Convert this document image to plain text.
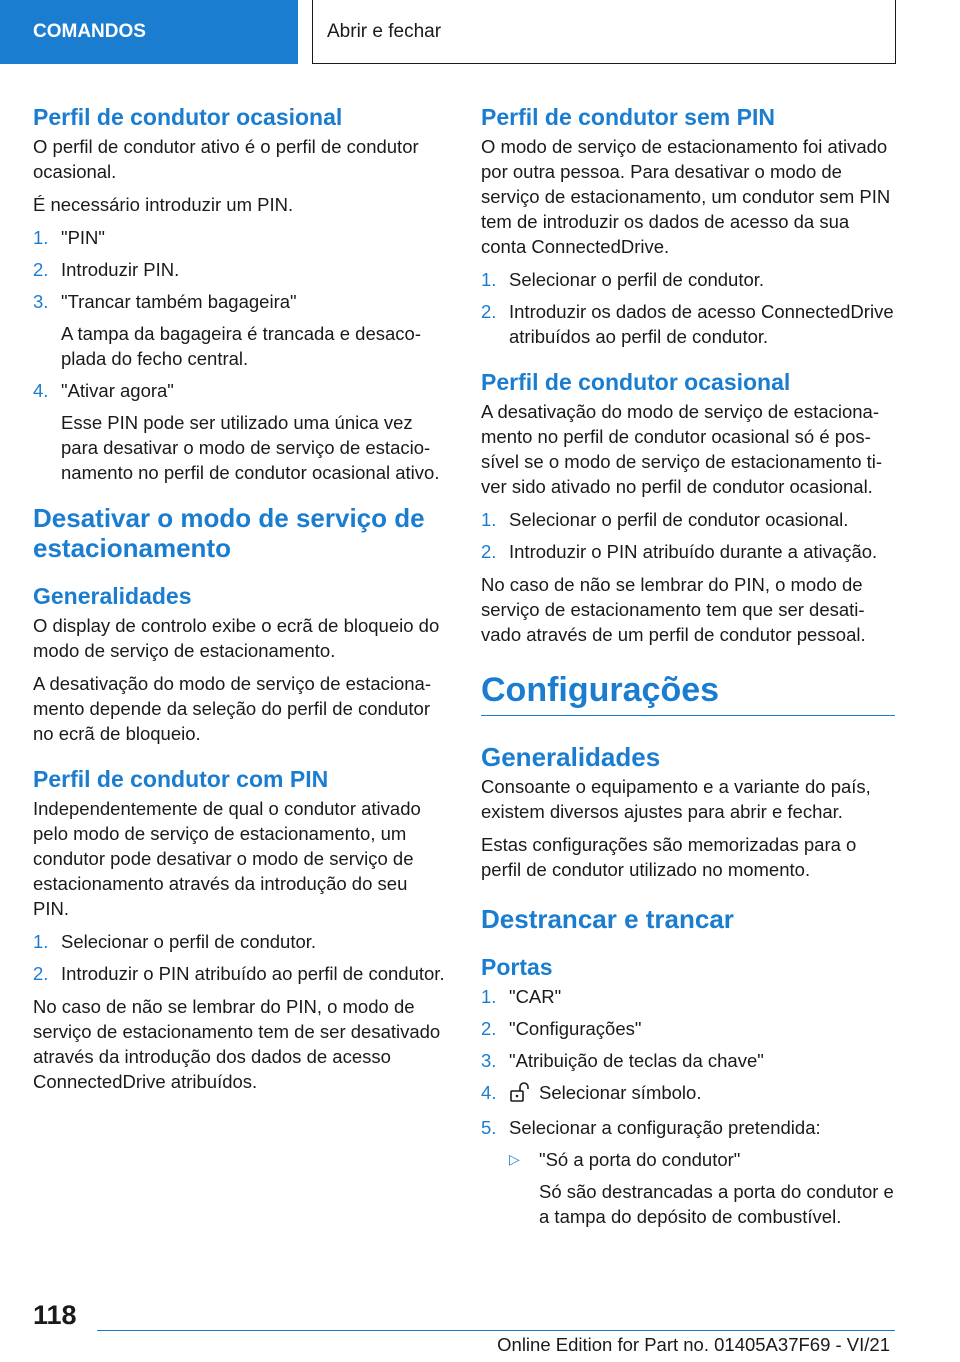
COMANDOS	Abrir e fechar
Perfil de condutor ocasional

O perfil de condutor ativo é o perfil de condutor ocasional.

É necessário introduzir um PIN.

1. "PIN"
2. Introduzir PIN.
3. "Trancar também bagageira"
A tampa da bagageira é trancada e desacoplada do fecho central.
4. "Ativar agora"
Esse PIN pode ser utilizado uma única vez para desativar o modo de serviço de estacionamento no perfil de condutor ocasional ativo.
Desativar o modo de serviço de estacionamento
Generalidades

O display de controlo exibe o ecrã de bloqueio do modo de serviço de estacionamento.

A desativação do modo de serviço de estacionamento depende da seleção do perfil de condutor no ecrã de bloqueio.

Perfil de condutor com PIN

Independentemente de qual o condutor ativado pelo modo de serviço de estacionamento, um condutor pode desativar o modo de serviço de estacionamento através da introdução do seu PIN.

1. Selecionar o perfil de condutor.
2. Introduzir o PIN atribuído ao perfil de condutor.

No caso de não se lembrar do PIN, o modo de serviço de estacionamento tem de ser desativado através da introdução dos dados de acesso ConnectedDrive atribuídos.

Perfil de condutor sem PIN

O modo de serviço de estacionamento foi ativado por outra pessoa. Para desativar o modo de serviço de estacionamento, um condutor sem PIN tem de introduzir os dados de acesso da sua conta ConnectedDrive.

1. Selecionar o perfil de condutor.
2. Introduzir os dados de acesso ConnectedDrive atribuídos ao perfil de condutor.
Perfil de condutor ocasional

A desativação do modo de serviço de estacionamento no perfil de condutor ocasional só é possível se o modo de serviço de estacionamento tiver sido ativado no perfil de condutor ocasional.

1. Selecionar o perfil de condutor ocasional.
2. Introduzir o PIN atribuído durante a ativação.

No caso de não se lembrar do PIN, o modo de serviço de estacionamento tem que ser desativado através de um perfil de condutor pessoal.

Configurações
Generalidades

Consoante o equipamento e a variante do país, existem diversos ajustes para abrir e fechar.

Estas configurações são memorizadas para o perfil de condutor utilizado no momento.

Destrancar e trancar
Portas
1. "CAR"
2. "Configurações"
3. "Atribuição de teclas da chave"
4. Selecionar símbolo.
5. Selecionar a configuração pretendida:
▷ "Só a porta do condutor"
Só são destrancadas a porta do condutor e a tampa do depósito de combustível.
118
Online Edition for Part no. 01405A37F69 - VI/21
